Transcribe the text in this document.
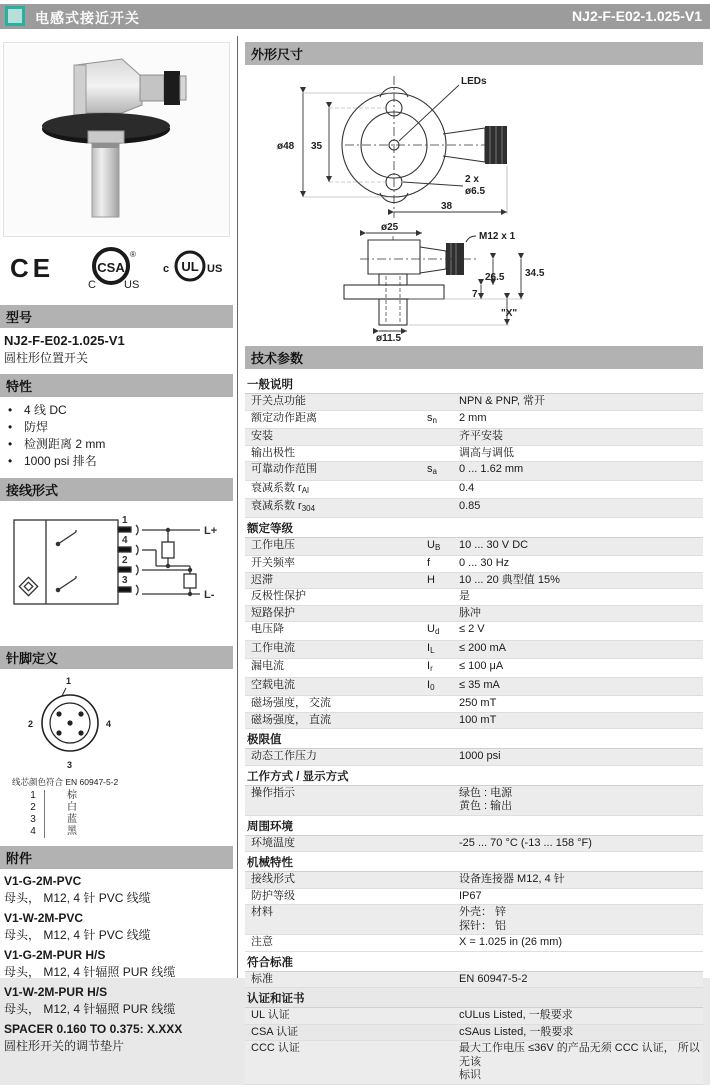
电感式接近开关	NJ2-F-E02-1.025-V1
CE	CSA
®
C	US
UL
c	US
型号
NJ2-F-E02-1.025-V1
圆柱形位置开关
特性
• 4 线 DC
• 防焊
• 检测距离 2 mm
• 1000 psi 排名
接线形式
1
4
2
3
L+
L-
针脚定义
1
2
3
4
线芯颜色符合 EN 60947-5-2
1	棕
2	白
3	蓝
4	黑
附件
V1-G-2M-PVC
母头， M12, 4 针 PVC 线缆
V1-W-2M-PVC
母头， M12, 4 针 PVC 线缆
V1-G-2M-PUR H/S
母头， M12, 4 针辐照 PUR 线缆
V1-W-2M-PUR H/S
母头， M12, 4 针辐照 PUR 线缆
SPACER 0.160 TO 0.375: X.XXX
圆柱形开关的调节垫片
外形尺寸
LEDs
ø48 35
2 x
ø6.5
38
ø25
M12 x 1
26.5 34.5
7
"X"
ø11.5
技术参数
一般说明
开关点功能	NPN & PNP, 常开
额定动作距离	$s_n$	2 mm
安装	齐平安装
输出极性	调高与调低
可靠动作范围	$s_a$	0 ... 1.62 mm
衰减系数 $r_{Al}$	0.4
衰减系数 $r_{304}$	0.85
额定等级
工作电压	$U_B$	10 ... 30 V DC
开关频率	f	0 ... 30 Hz
迟滞	H	10 ... 20 典型值 15%
反极性保护	是
短路保护	脉冲
电压降	$U_d$	≤ 2 V
工作电流	$I_L$	≤ 200 mA
漏电流	$I_r$	≤ 100 μA
空载电流	$I_0$	≤ 35 mA
磁场强度， 交流	250 mT
磁场强度， 直流	100 mT
极限值
动态工作压力	1000 psi
工作方式 / 显示方式
操作指示	绿色 : 电源
黄色 : 输出
周围环境
环境温度	-25 ... 70 °C (-13 ... 158 °F)
机械特性
接线形式	设备连接器 M12, 4 针
防护等级	IP67
材料	外壳： 锌
探针： 铝
注意	X = 1.025 in (26 mm)
符合标准
标准	EN 60947-5-2
认证和证书
UL 认证	cULus Listed, 一般要求
CSA 认证	cSAus Listed, 一般要求
CCC 认证	最大工作电压 ≤36V 的产品无须 CCC 认证， 所以无该
标识
